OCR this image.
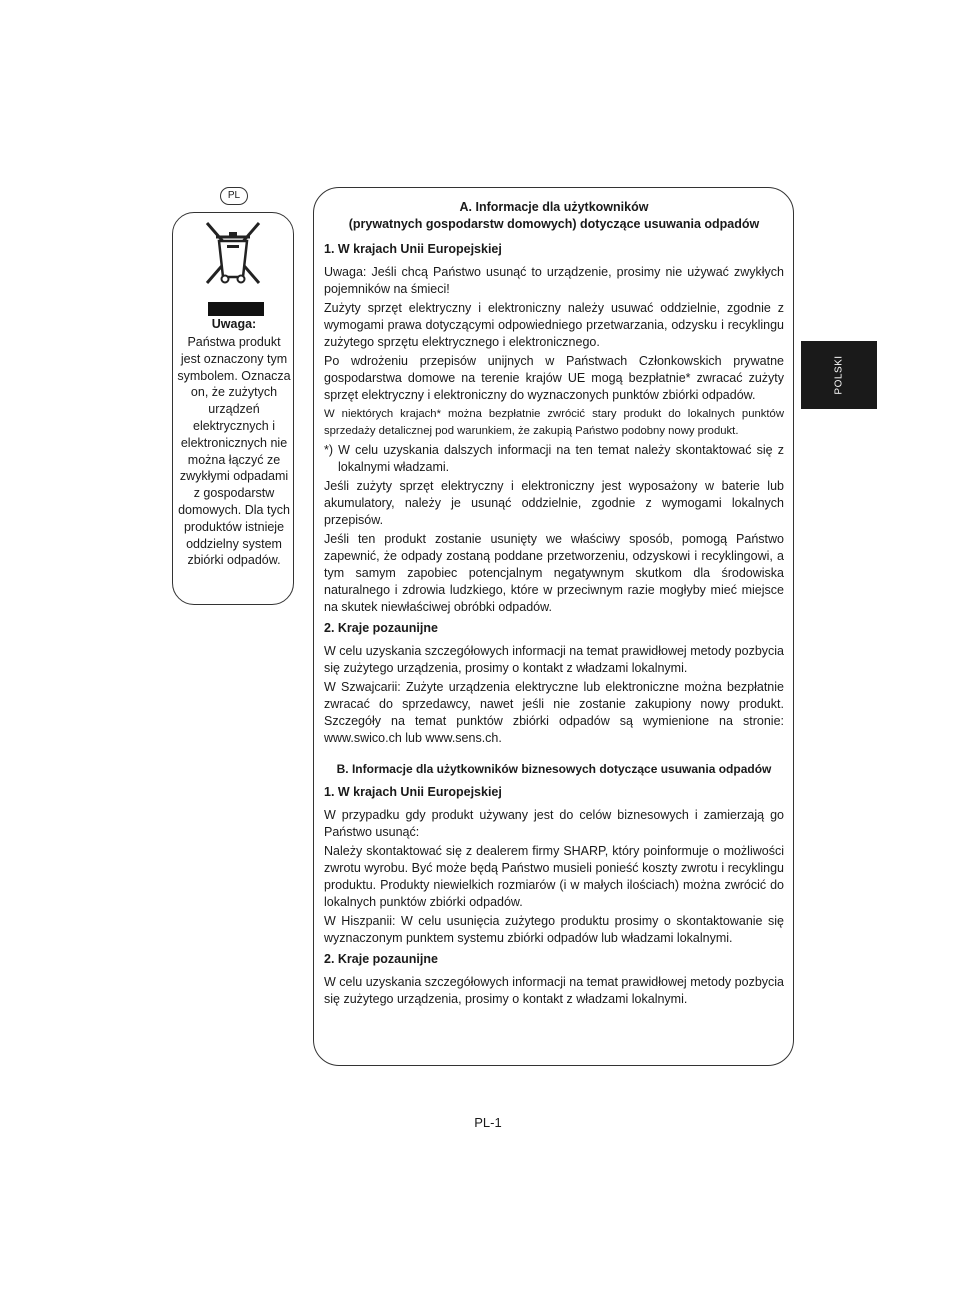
PL
Uwaga:
Państwa produkt jest oznaczony tym symbolem. Oznacza on, że zużytych urządzeń elektrycznych i elektronicznych nie można łączyć ze zwykłymi odpadami z gospodarstw domowych. Dla tych produktów istnieje oddzielny system zbiórki odpadów.

A. Informacje dla użytkowników
(prywatnych gospodarstw domowych) dotyczące usuwania odpadów

1. W krajach Unii Europejskiej

Uwaga: Jeśli chcą Państwo usunąć to urządzenie, prosimy nie używać zwykłych pojemników na śmieci!

Zużyty sprzęt elektryczny i elektroniczny należy usuwać oddzielnie, zgodnie z wymogami prawa dotyczącymi odpowiedniego przetwarzania, odzysku i recyklingu zużytego sprzętu elektrycznego i elektronicznego.

Po wdrożeniu przepisów unijnych w Państwach Członkowskich prywatne gospodarstwa domowe na terenie krajów UE mogą bezpłatnie* zwracać zużyty sprzęt elektryczny i elektroniczny do wyznaczonych punktów zbiórki odpadów.

W niektórych krajach* można bezpłatnie zwrócić stary produkt do lokalnych punktów sprzedaży detalicznej pod warunkiem, że zakupią Państwo podobny nowy produkt.

*) W celu uzyskania dalszych informacji na ten temat należy skontaktować się z lokalnymi władzami.

Jeśli zużyty sprzęt elektryczny i elektroniczny jest wyposażony w baterie lub akumulatory, należy je usunąć oddzielnie, zgodnie z wymogami lokalnych przepisów.

Jeśli ten produkt zostanie usunięty we właściwy sposób, pomogą Państwo zapewnić, że odpady zostaną poddane przetworzeniu, odzyskowi i recyklingowi, a tym samym zapobiec potencjalnym negatywnym skutkom dla środowiska naturalnego i zdrowia ludzkiego, które w przeciwnym razie mogłyby mieć miejsce na skutek niewłaściwej obróbki odpadów.

2. Kraje pozaunijne

W celu uzyskania szczegółowych informacji na temat prawidłowej metody pozbycia się zużytego urządzenia, prosimy o kontakt z władzami lokalnymi.

W Szwajcarii: Zużyte urządzenia elektryczne lub elektroniczne można bezpłatnie zwracać do sprzedawcy, nawet jeśli nie zostanie zakupiony nowy produkt. Szczegóły na temat punktów zbiórki odpadów są wymienione na stronie: www.swico.ch lub www.sens.ch.

B. Informacje dla użytkowników biznesowych dotyczące usuwania odpadów

1. W krajach Unii Europejskiej

W przypadku gdy produkt używany jest do celów biznesowych i zamierzają go Państwo usunąć:

Należy skontaktować się z dealerem firmy SHARP, który poinformuje o możliwości zwrotu wyrobu. Być może będą Państwo musieli ponieść koszty zwrotu i recyklingu produktu. Produkty niewielkich rozmiarów (i w małych ilościach) można zwrócić do lokalnych punktów zbiórki odpadów.

W Hiszpanii: W celu usunięcia zużytego produktu prosimy o skontaktowanie się wyznaczonym punktem systemu zbiórki odpadów lub władzami lokalnymi.

2. Kraje pozaunijne

W celu uzyskania szczegółowych informacji na temat prawidłowej metody pozbycia się zużytego urządzenia, prosimy o kontakt z władzami lokalnymi.

POLSKI
PL-1
